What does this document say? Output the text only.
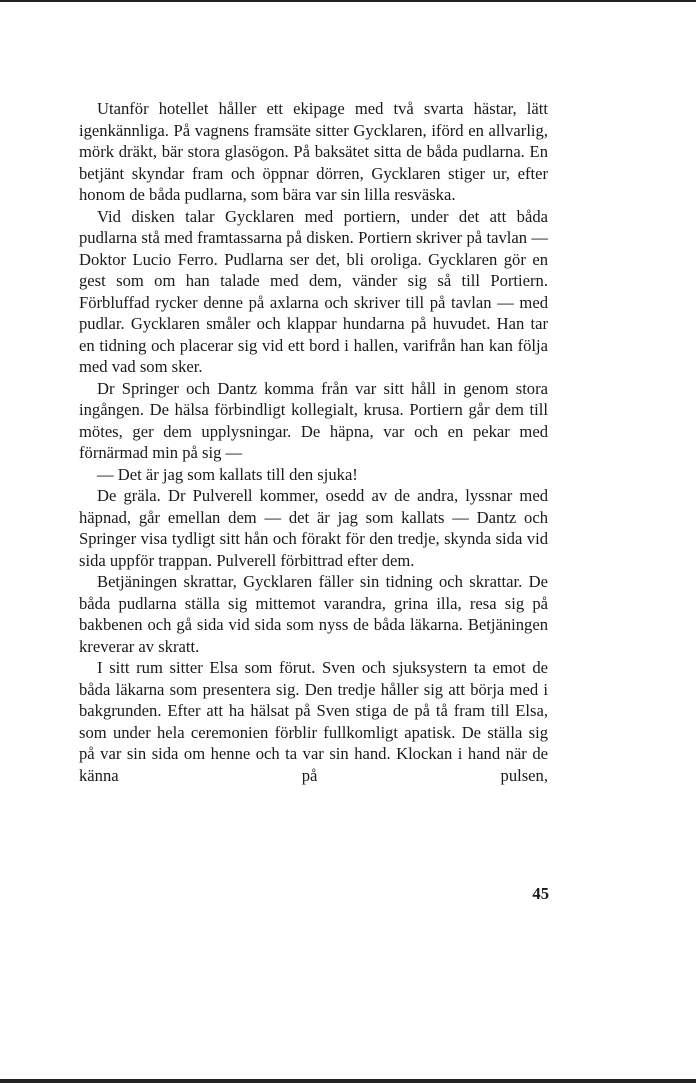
Utanför hotellet håller ett ekipage med två svarta hästar, lätt igenkännliga. På vagnens framsäte sitter Gycklaren, iförd en allvarlig, mörk dräkt, bär stora glasögon. På baksätet sitta de båda pudlarna. En betjänt skyndar fram och öppnar dörren, Gycklaren stiger ur, efter honom de båda pudlarna, som bära var sin lilla resväska.

Vid disken talar Gycklaren med portiern, under det att båda pudlarna stå med framtassarna på disken. Portiern skriver på tavlan — Doktor Lucio Ferro. Pudlarna ser det, bli oroliga. Gycklaren gör en gest som om han talade med dem, vänder sig så till Portiern. Förbluffad rycker denne på axlarna och skriver till på tavlan — med pudlar. Gycklaren småler och klappar hundarna på huvudet. Han tar en tidning och placerar sig vid ett bord i hallen, varifrån han kan följa med vad som sker.

Dr Springer och Dantz komma från var sitt håll in genom stora ingången. De hälsa förbindligt kollegialt, krusa. Portiern går dem till mötes, ger dem upplysningar. De häpna, var och en pekar med förnärmad min på sig —

— Det är jag som kallats till den sjuka!

De gräla. Dr Pulverell kommer, osedd av de andra, lyssnar med häpnad, går emellan dem — det är jag som kallats — Dantz och Springer visa tydligt sitt hån och förakt för den tredje, skynda sida vid sida uppför trappan. Pulverell förbittrad efter dem.

Betjäningen skrattar, Gycklaren fäller sin tidning och skrattar. De båda pudlarna ställa sig mittemot varandra, grina illa, resa sig på bakbenen och gå sida vid sida som nyss de båda läkarna. Betjäningen kreverar av skratt.

I sitt rum sitter Elsa som förut. Sven och sjuksystern ta emot de båda läkarna som presentera sig. Den tredje håller sig att börja med i bakgrunden. Efter att ha hälsat på Sven stiga de på tå fram till Elsa, som under hela ceremonien förblir fullkomligt apatisk. De ställa sig på var sin sida om henne och ta var sin hand. Klockan i hand när de känna på pulsen,

45
